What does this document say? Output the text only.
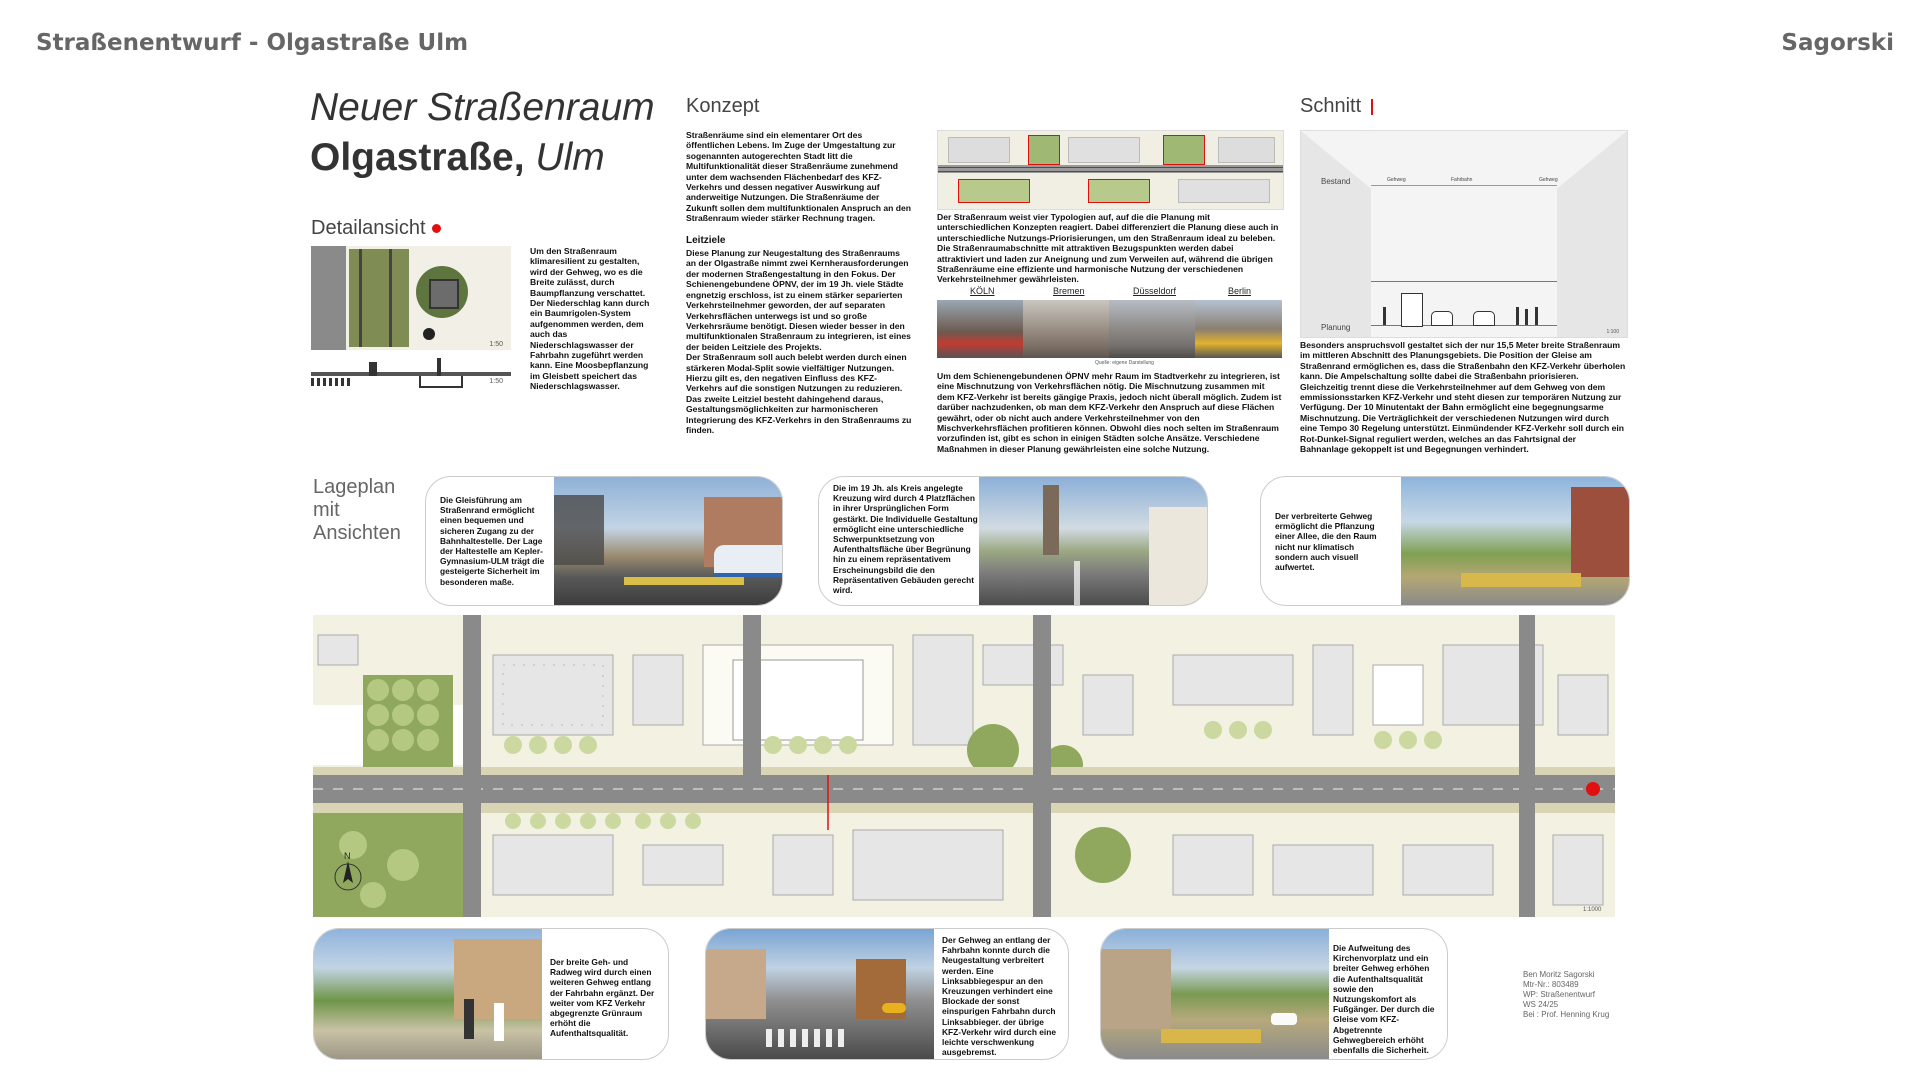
Straßenentwurf - Olgastraße Ulm	Sagorski
Neuer Straßenraum
Olgastraße, Ulm
Detailansicht
1:50
1:50
Um den Straßenraum klimaresilient zu gestalten, wird der Gehweg, wo es die Breite zulässt, durch Baumpflanzung verschattet. Der Niederschlag kann durch ein Baumrigolen-System aufgenommen werden, dem auch das Niederschlagswasser der Fahrbahn zugeführt werden kann. Eine Moosbepflanzung im Gleisbett speichert das Niederschlagswasser.
Konzept

Straßenräume sind ein elementarer Ort des öffentlichen Lebens. Im Zuge der Umgestaltung zur sogenannten autogerechten Stadt litt die Multifunktionalität dieser Straßenräume zunehmend unter dem wachsenden Flächenbedarf des KFZ-Verkehrs und dessen negativer Auswirkung auf anderweitige Nutzungen. Die Straßenräume der Zukunft sollen dem multifunktionalen Anspruch an den Straßenraum wieder stärker Rechnung tragen.

Leitziele

Diese Planung zur Neugestaltung des Straßenraums an der Olgastraße nimmt zwei Kernherausforderungen der modernen Straßengestaltung in den Fokus. Der Schienengebundene ÖPNV, der im 19 Jh. viele Städte engnetzig erschloss, ist zu einem stärker separierten Verkehrsteilnehmer geworden, der auf separaten Verkehrsflächen unterwegs ist und so große Verkehrsräume benötigt. Diesen wieder besser in den multifunktionalen Straßenraum zu integrieren, ist eines der beiden Leitziele des Projekts.

Der Straßenraum soll auch belebt werden durch einen stärkeren Modal-Split sowie vielfältiger Nutzungen. Hierzu gilt es, den negativen Einfluss des KFZ- Verkehrs auf die sonstigen Nutzungen zu reduzieren. Das zweite Leitziel besteht dahingehend daraus, Gestaltungsmöglichkeiten zur harmonischeren Integrierung des KFZ-Verkehrs in den Straßenraums zu finden.

Der Straßenraum weist vier Typologien auf, auf die die Planung mit unterschiedlichen Konzepten reagiert. Dabei differenziert die Planung diese auch in unterschiedliche Nutzungs-Priorisierungen, um den Straßenraum ideal zu beleben. Die Straßenraumabschnitte mit attraktiven Bezugspunkten werden dabei attraktiviert und laden zur Aneignung und zum Verweilen auf, während die übrigen Straßenräume eine effiziente und harmonische Nutzung der verschiedenen Verkehrsteilnehmer gewährleisten.
KÖLN	Bremen	Düsseldorf	Berlin
Quelle: eigene Darstellung
Um dem Schienengebundenen ÖPNV mehr Raum im Stadtverkehr zu integrieren, ist eine Mischnutzung von Verkehrsflächen nötig. Die Mischnutzung zusammen mit dem KFZ-Verkehr ist bereits gängige Praxis, jedoch nicht überall möglich. Zudem ist darüber nachzudenken, ob man dem KFZ-Verkehr den Anspruch auf diese Flächen gewährt, oder ob nicht auch andere Verkehrsteilnehmer von den Mischverkehrsflächen profitieren können. Obwohl dies noch selten im Straßenraum vorzufinden ist, gibt es schon in einigen Städten solche Ansätze. Verschiedene Maßnahmen in dieser Planung gewährleisten eine solche Nutzung.
Schnitt
Bestand
Planung
Gehweg	Fahrbahn	Gehweg
1:100
Besonders anspruchsvoll gestaltet sich der nur 15,5 Meter breite Straßenraum im mittleren Abschnitt des Planungsgebiets. Die Position der Gleise am Straßenrand ermöglichen es, dass die Straßenbahn den KFZ-Verkehr überholen kann. Die Ampelschaltung sollte dabei die Straßenbahn priorisieren. Gleichzeitig trennt diese die Verkehrsteilnehmer auf dem Gehweg von dem emmissionsstarken KFZ-Verkehr und steht diesen zur temporären Nutzung zur Verfügung. Der 10 Minutentakt der Bahn ermöglicht eine begegnungsarme Mischnutzung. Die Verträglichkeit der verschiedenen Nutzungen wird durch eine Tempo 30 Regelung unterstützt. Einmündender KFZ-Verkehr soll durch ein Rot-Dunkel-Signal reguliert werden, welches an das Fahrtsignal der Bahnanlage gekoppelt ist und Begegnungen verhindert.
Lageplan
mit
Ansichten
Die Gleisführung am Straßenrand ermöglicht einen bequemen und sicheren Zugang zu der Bahnhaltestelle. Der Lage der Haltestelle am Kepler-Gymnasium-ULM trägt die gesteigerte Sicherheit im besonderen maße.
Die im 19 Jh. als Kreis angelegte Kreuzung wird durch 4 Platzflächen in ihrer Ursprünglichen Form gestärkt. Die Individuelle Gestaltung ermöglicht eine unterschiedliche Schwerpunktsetzung von Aufenthaltsfläche über Begrünung hin zu einem repräsentativem Erscheinungsbild die den Repräsentativen Gebäuden gerecht wird.
Der verbreiterte Gehweg ermöglicht die Pflanzung einer Allee, die den Raum nicht nur klimatisch sondern auch visuell aufwertet.
N
1:1000
Der breite Geh- und Radweg wird durch einen weiteren Gehweg entlang der Fahrbahn ergänzt. Der weiter vom KFZ Verkehr abgegrenzte Grünraum erhöht die Aufenthaltsqualität.
Der Gehweg an entlang der Fahrbahn konnte durch die Neugestaltung verbreitert werden. Eine Linksabbiegespur an den Kreuzungen verhindert eine Blockade der sonst einspurigen Fahrbahn durch Linksabbieger. der übrige KFZ-Verkehr wird durch eine leichte verschwenkung ausgebremst.
Die Aufweitung des Kirchenvorplatz und ein breiter Gehweg erhöhen die Aufenthaltsqualität sowie den Nutzungskomfort als Fußgänger. Der durch die Gleise vom KFZ-Abgetrennte Gehwegbereich erhöht ebenfalls die Sicherheit.
Ben Moritz Sagorski
Mtr-Nr.: 803489
WP: Straßenentwurf
WS 24/25
Bei : Prof. Henning Krug
